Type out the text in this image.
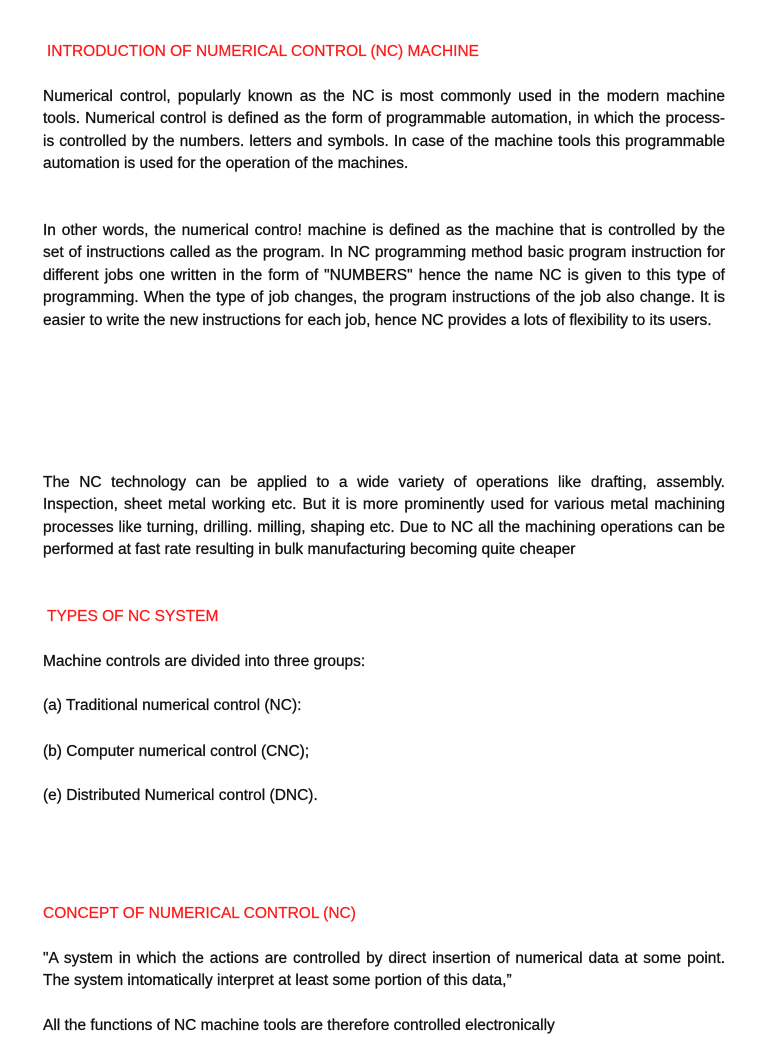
INTRODUCTION OF NUMERICAL CONTROL (NC) MACHINE

Numerical control, popularly known as the NC is most commonly used in the modern machine tools. Numerical control is defined as the form of programmable automation, in which the process-is controlled by the numbers. letters and symbols. In case of the machine tools this programmable automation is used for the operation of the machines.

In other words, the numerical contro! machine is defined as the machine that is controlled by the set of instructions called as the program. In NC programming method basic program instruction for different jobs one written in the form of "NUMBERS" hence the name NC is given to this type of programming. When the type of job changes, the program instructions of the job also change. It is easier to write the new instructions for each job, hence NC provides a lots of flexibility to its users.

The NC technology can be applied to a wide variety of operations like drafting, assembly. Inspection, sheet metal working etc. But it is more prominently used for various metal machining processes like turning, drilling. milling, shaping etc. Due to NC all the machining operations can be performed at fast rate resulting in bulk manufacturing becoming quite cheaper

TYPES OF NC SYSTEM

Machine controls are divided into three groups:

(a) Traditional numerical control (NC):

(b) Computer numerical control (CNC);

(e) Distributed Numerical control (DNC).

CONCEPT OF NUMERICAL CONTROL (NC)

"A system in which the actions are controlled by direct insertion of numerical data at some point. The system intomatically interpret at least some portion of this data,”

All the functions of NC machine tools are therefore controlled electronically
